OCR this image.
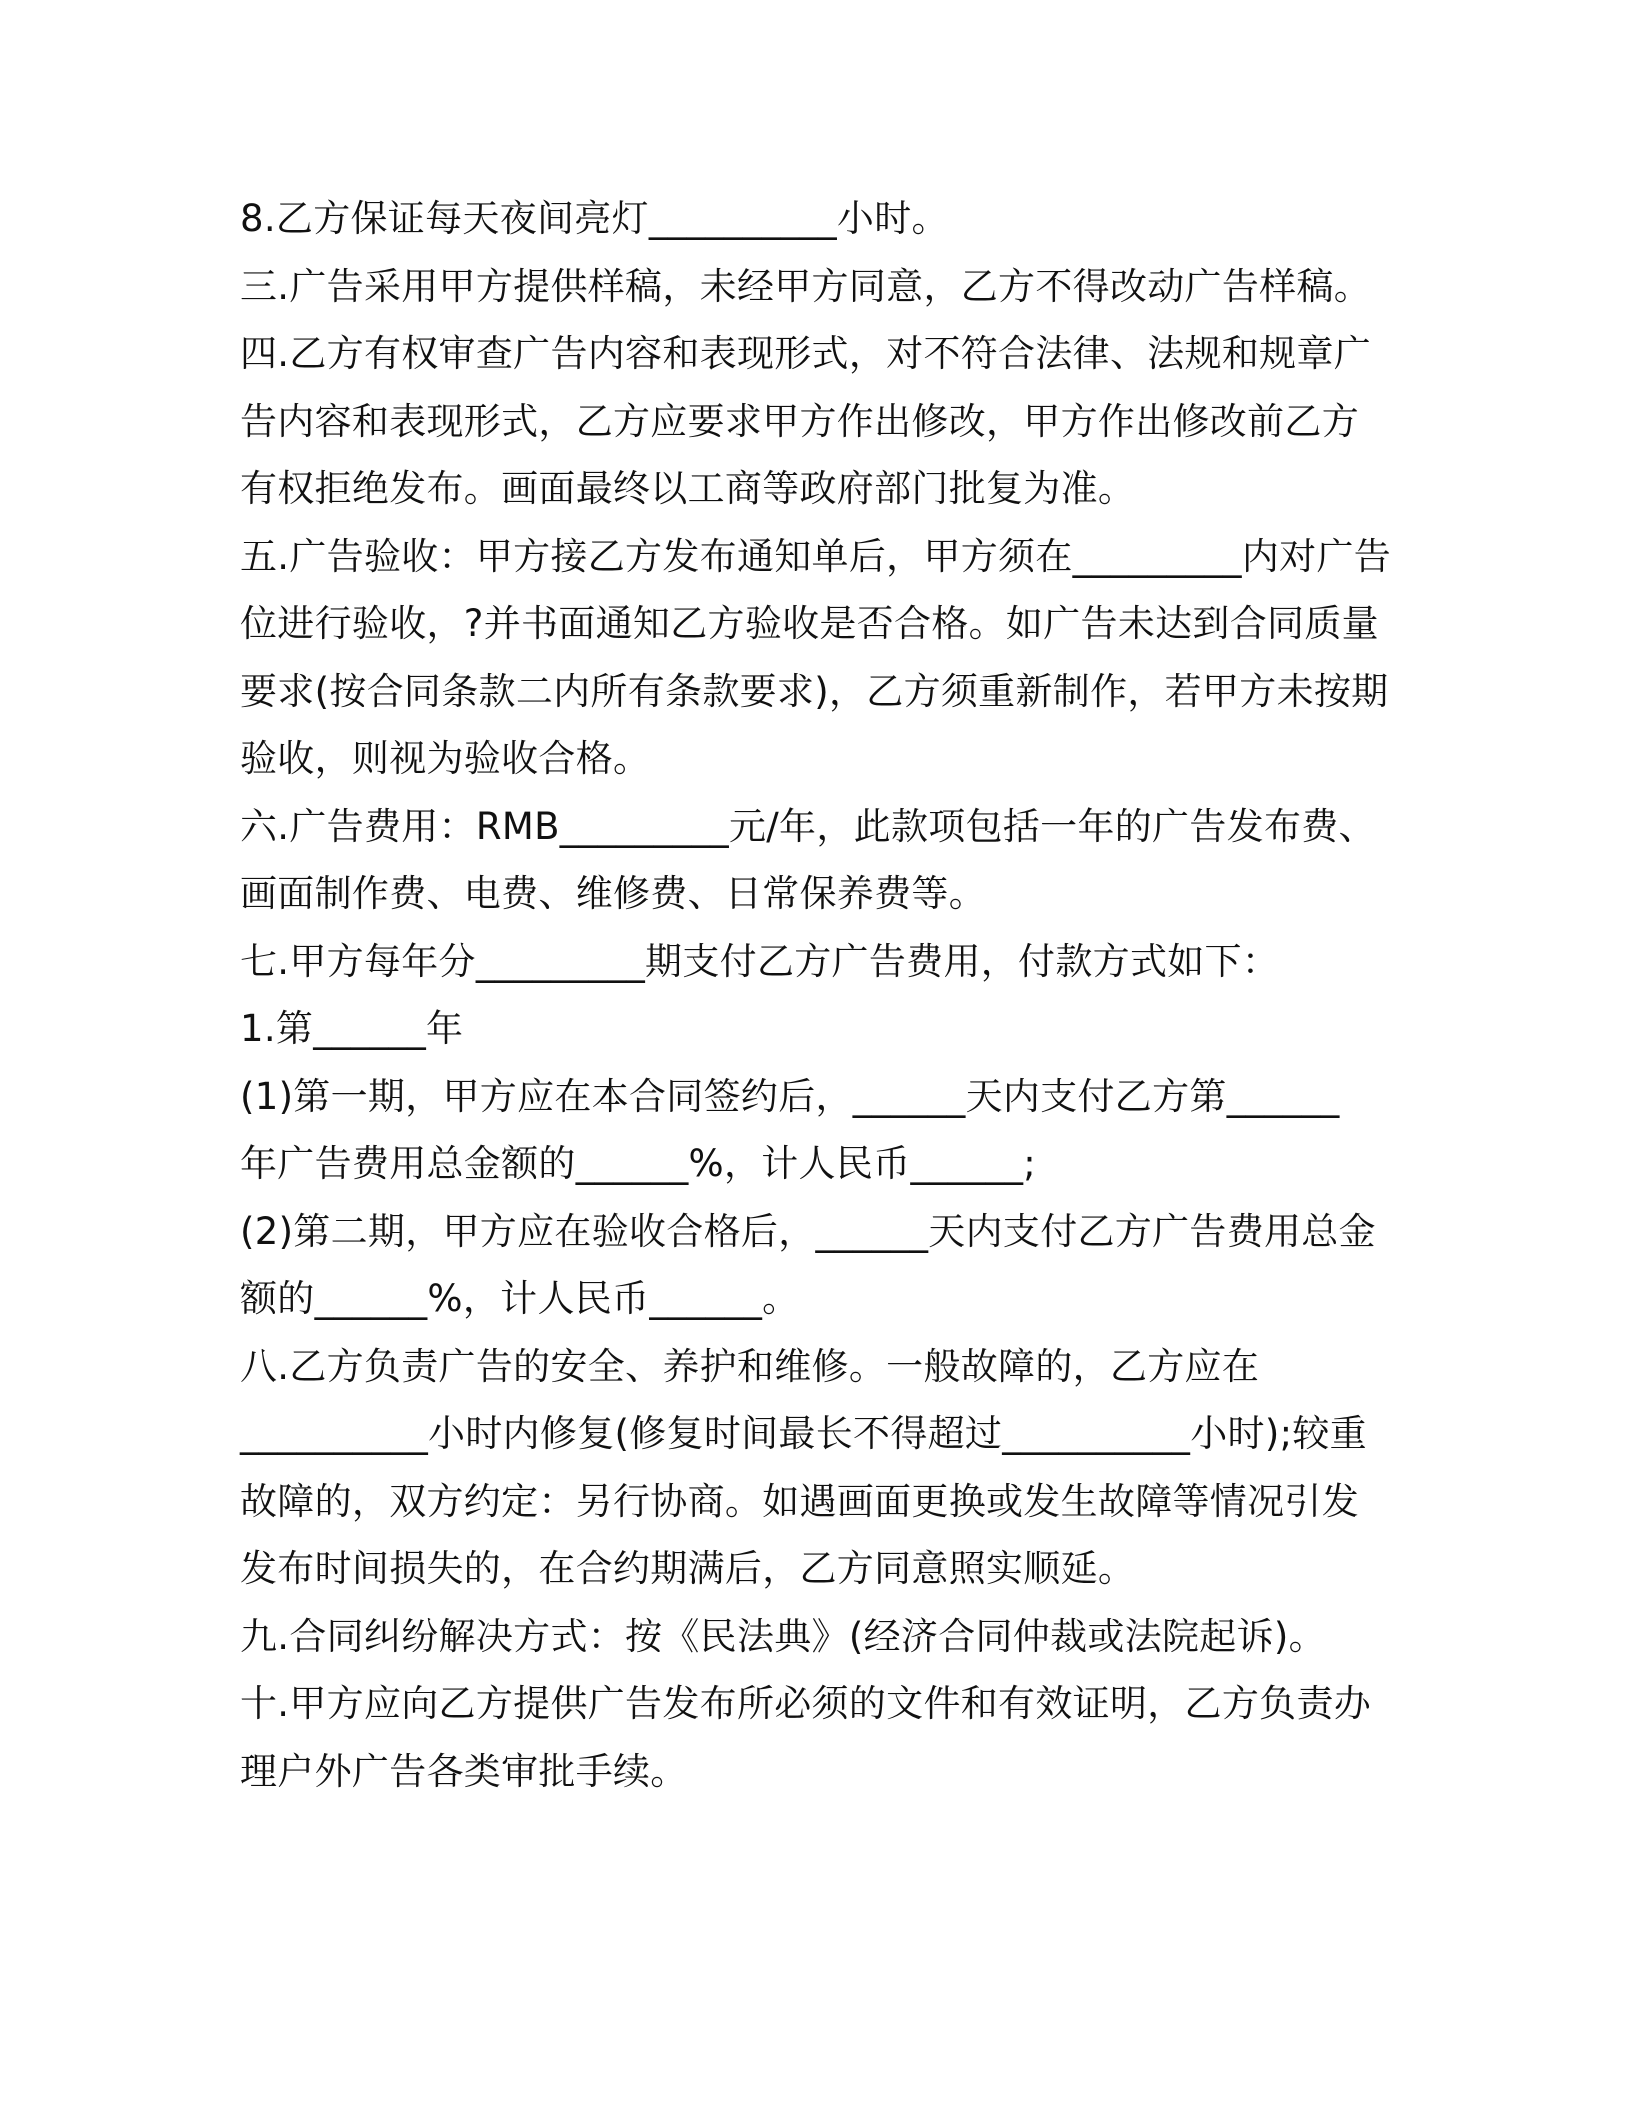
8.乙方保证每天夜间亮灯__________小时。
三.广告采用甲方提供样稿，未经甲方同意，乙方不得改动广告样稿。
四.乙方有权审查广告内容和表现形式，对不符合法律、法规和规章广
告内容和表现形式，乙方应要求甲方作出修改，甲方作出修改前乙方
有权拒绝发布。画面最终以工商等政府部门批复为准。
五.广告验收：甲方接乙方发布通知单后，甲方须在_________内对广告
位进行验收，?并书面通知乙方验收是否合格。如广告未达到合同质量
要求(按合同条款二内所有条款要求)，乙方须重新制作，若甲方未按期
验收，则视为验收合格。
六.广告费用：RMB_________元/年，此款项包括一年的广告发布费、
画面制作费、电费、维修费、日常保养费等。
七.甲方每年分_________期支付乙方广告费用，付款方式如下：
1.第______年
(1)第一期，甲方应在本合同签约后，______天内支付乙方第______
年广告费用总金额的______%，计人民币______;
(2)第二期，甲方应在验收合格后，______天内支付乙方广告费用总金
额的______%，计人民币______。
八.乙方负责广告的安全、养护和维修。一般故障的，乙方应在
__________小时内修复(修复时间最长不得超过__________小时);较重
故障的，双方约定：另行协商。如遇画面更换或发生故障等情况引发
发布时间损失的，在合约期满后，乙方同意照实顺延。
九.合同纠纷解决方式：按《民法典》(经济合同仲裁或法院起诉)。
十.甲方应向乙方提供广告发布所必须的文件和有效证明，乙方负责办
理户外广告各类审批手续。
